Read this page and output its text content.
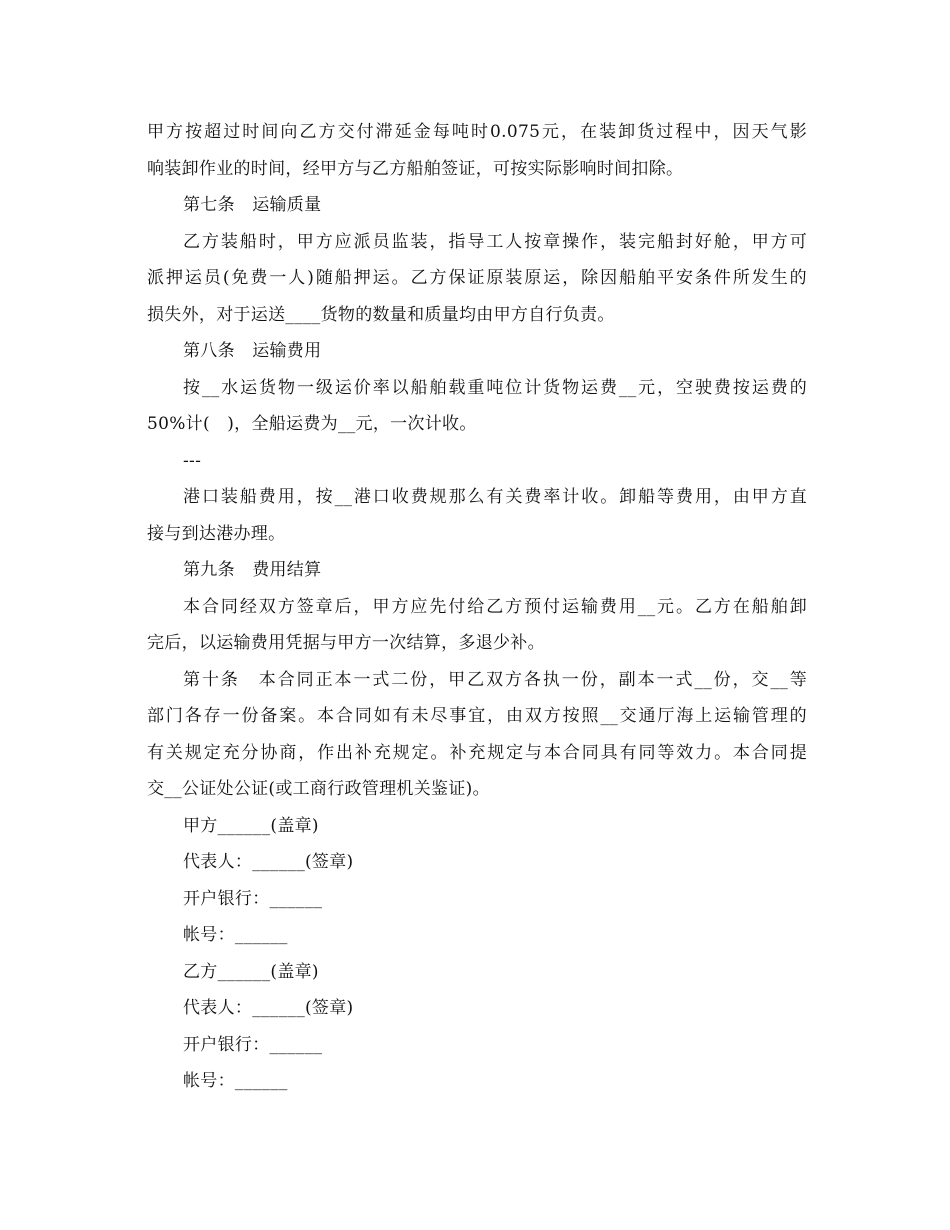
甲方按超过时间向乙方交付滞延金每吨时0.075元，在装卸货过程中，因天气影
响装卸作业的时间，经甲方与乙方船舶签证，可按实际影响时间扣除。
第七条　运输质量
乙方装船时，甲方应派员监装，指导工人按章操作，装完船封好舱，甲方可
派押运员(免费一人)随船押运。乙方保证原装原运，除因船舶平安条件所发生的
损失外，对于运送____货物的数量和质量均由甲方自行负责。
第八条　运输费用
按__水运货物一级运价率以船舶载重吨位计货物运费__元，空驶费按运费的
50%计(　)，全船运费为__元，一次计收。
---
港口装船费用，按__港口收费规那么有关费率计收。卸船等费用，由甲方直
接与到达港办理。
第九条　费用结算
本合同经双方签章后，甲方应先付给乙方预付运输费用__元。乙方在船舶卸
完后，以运输费用凭据与甲方一次结算，多退少补。
第十条　本合同正本一式二份，甲乙双方各执一份，副本一式__份，交__等
部门各存一份备案。本合同如有未尽事宜，由双方按照__交通厅海上运输管理的
有关规定充分协商，作出补充规定。补充规定与本合同具有同等效力。本合同提
交__公证处公证(或工商行政管理机关鉴证)。
甲方______(盖章)
代表人：______(签章)
开户银行：______
帐号：______
乙方______(盖章)
代表人：______(签章)
开户银行：______
帐号：______
